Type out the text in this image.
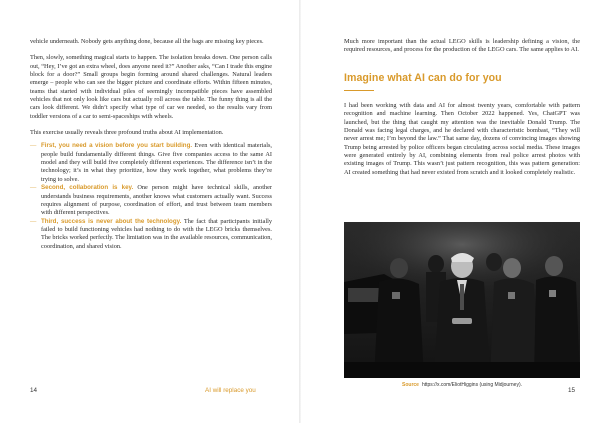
vehicle underneath. Nobody gets anything done, because all the bags are missing key pieces.

Then, slowly, something magical starts to happen. The isolation breaks down. One person calls out, “Hey, I’ve got an extra wheel, does anyone need it?” Another asks, “Can I trade this engine block for a door?” Small groups begin forming around shared challenges. Natural leaders emerge – people who can see the bigger picture and coordinate efforts. Within fifteen minutes, teams that started with individual piles of seemingly incompatible pieces have assembled vehicles that not only look like cars but actually roll across the table. The funny thing is all the cars look different. We didn’t specify what type of car we needed, so the results vary from toddler versions of a car to semi-spaceships with wheels.

This exercise usually reveals three profound truths about AI implementation.

— First, you need a vision before you start building. Even with identical materials, people build fundamentally different things. Give five companies access to the same AI model and they will build five completely different experiences. The difference isn’t in the technology; it’s in what they prioritize, how they work together, what problems they’re trying to solve.
— Second, collaboration is key. One person might have technical skills, another understands business requirements, another knows what customers actually want. Success requires alignment of purpose, coordination of effort, and trust between team members with different perspectives.
— Third, success is never about the technology. The fact that participants initially failed to build functioning vehicles had nothing to do with the LEGO bricks themselves. The bricks worked perfectly. The limitation was in the available resources, communication, coordination, and shared vision.
14	AI will replace you

Much more important than the actual LEGO skills is leadership defining a vision, the required resources, and process for the production of the LEGO cars. The same applies to AI.

Imagine what AI can do for you

I had been working with data and AI for almost twenty years, comfortable with pattern recognition and machine learning. Then October 2022 happened. Yes, ChatGPT was launched, but the thing that caught my attention was the inevitable Donald Trump. The Donald was facing legal charges, and he declared with characteristic bombast, “They will never arrest me; I’m beyond the law.” That same day, dozens of convincing images showing Trump being arrested by police officers began circulating across social media. These images were generated entirely by AI, combining elements from real police arrest photos with existing images of Trump. This wasn’t just pattern recognition, this was pattern generation: AI created something that had never existed from scratch and it looked completely realistic.

Source https://x.com/EliotHiggins (using Midjourney).
15
